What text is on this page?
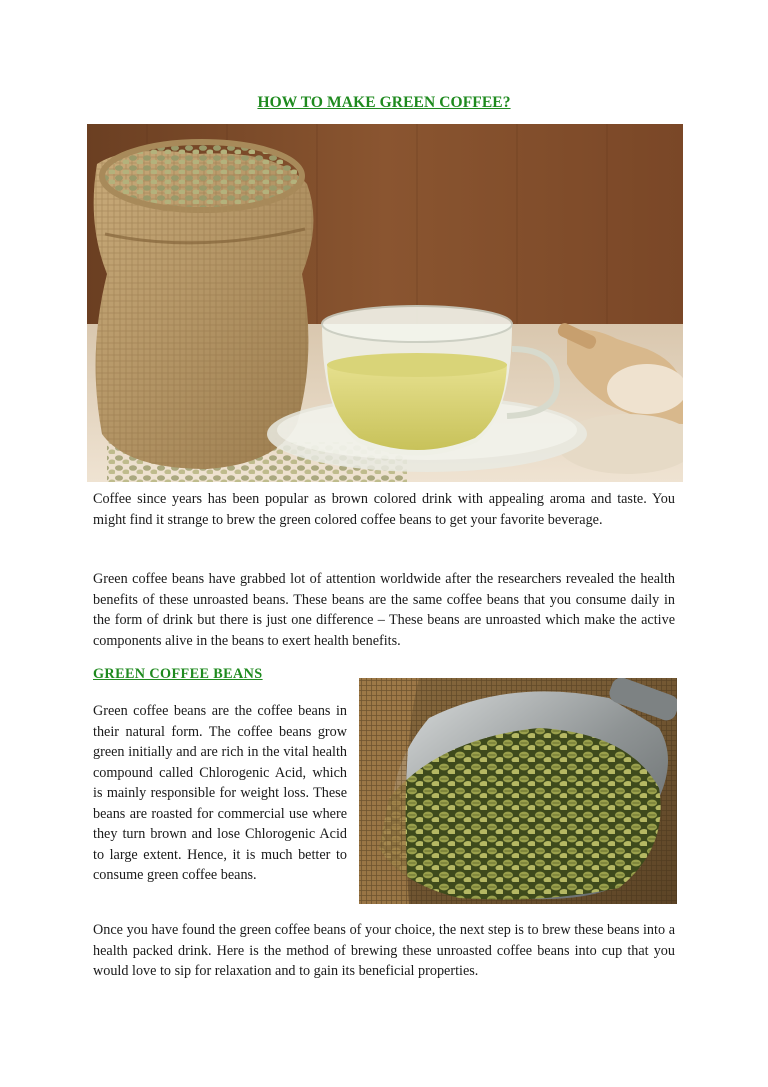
HOW TO MAKE GREEN COFFEE?

Coffee since years has been popular as brown colored drink with appealing aroma and taste. You might find it strange to brew the green colored coffee beans to get your favorite beverage.

Green coffee beans have grabbed lot of attention worldwide after the researchers revealed the health benefits of these unroasted beans. These beans are the same coffee beans that you consume daily in the form of drink but there is just one difference – These beans are unroasted which make the active components alive in the beans to exert health benefits.

GREEN COFFEE BEANS

Green coffee beans are the coffee beans in their natural form. The coffee beans grow green initially and are rich in the vital health compound called Chlorogenic Acid, which is mainly responsible for weight loss. These beans are roasted for commercial use where they turn brown and lose Chlorogenic Acid to large extent. Hence, it is much better to consume green coffee beans.

Once you have found the green coffee beans of your choice, the next step is to brew these beans into a health packed drink. Here is the method of brewing these unroasted coffee beans into cup that you would love to sip for relaxation and to gain its beneficial properties.
